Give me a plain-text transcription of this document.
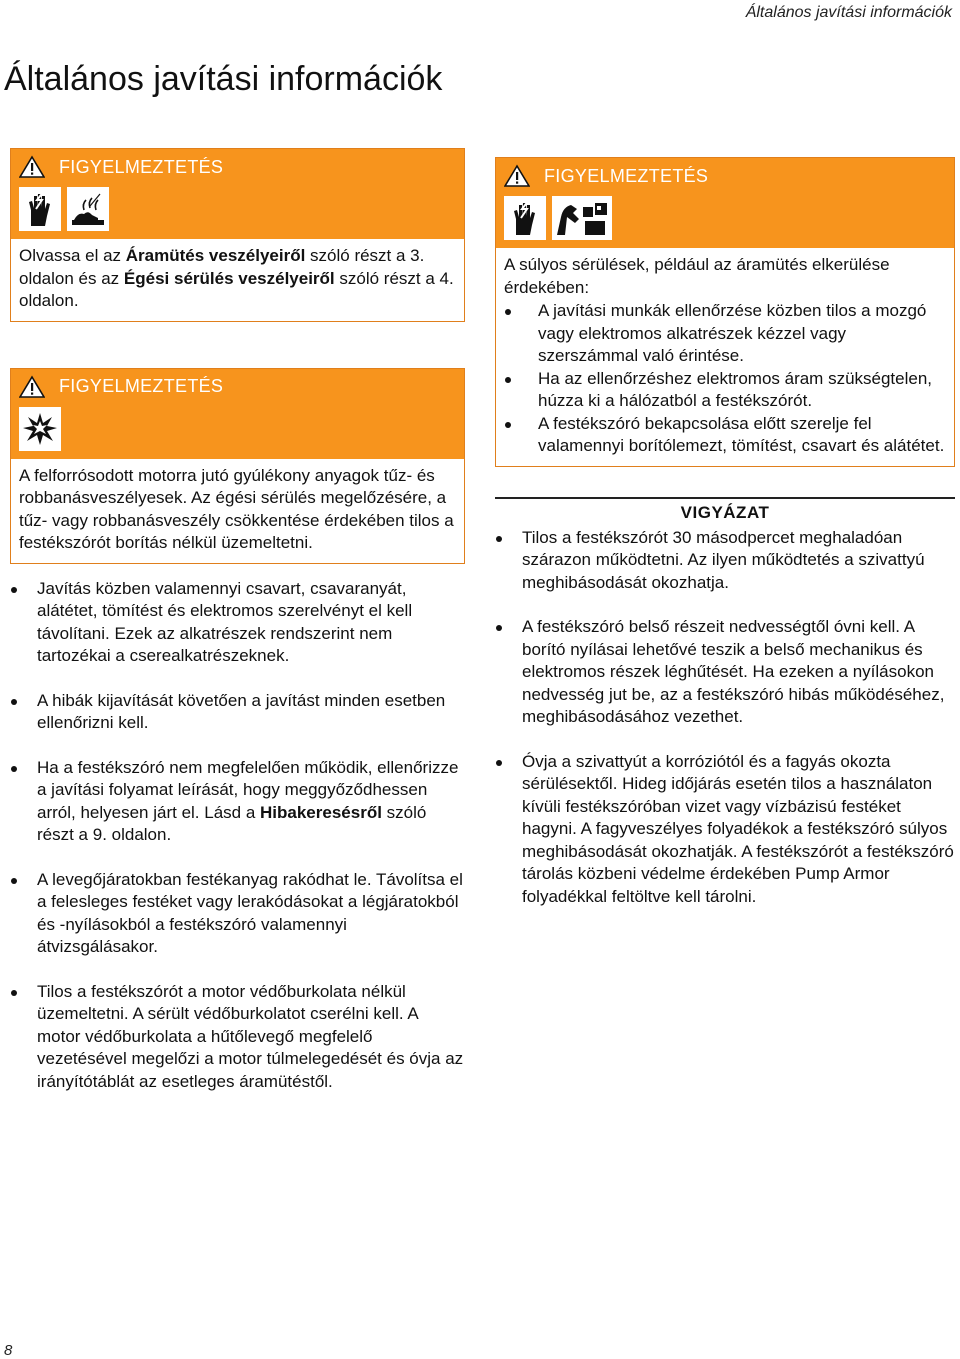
Általános javítási információk
Általános javítási információk
FIGYELMEZTETÉS
Olvassa el az Áramütés veszélyeiről szóló részt a 3. oldalon és az Égési sérülés veszélyeiről szóló részt a 4. oldalon.
FIGYELMEZTETÉS
A felforrósodott motorra jutó gyúlékony anyagok tűz- és robbanásveszélyesek. Az égési sérülés megelőzésére, a tűz- vagy robbanásveszély csökkentése érdekében tilos a festékszórót borítás nélkül üzemeltetni.
Javítás közben valamennyi csavart, csavaranyát, alátétet, tömítést és elektromos szerelvényt el kell távolítani. Ezek az alkatrészek rendszerint nem tartozékai a cserealkatrészeknek.
A hibák kijavítását követően a javítást minden esetben ellenőrizni kell.
Ha a festékszóró nem megfelelően működik, ellenőrizze a javítási folyamat leírását, hogy meggyőződhessen arról, helyesen járt el. Lásd a Hibakeresésről szóló részt a 9. oldalon.
A levegőjáratokban festékanyag rakódhat le. Távolítsa el a felesleges festéket vagy lerakódásokat a légjáratokból és -nyílásokból a festékszóró valamennyi átvizsgálásakor.
Tilos a festékszórót a motor védőburkolata nélkül üzemeltetni. A sérült védőburkolatot cserélni kell. A motor védőburkolata a hűtőlevegő megfelelő vezetésével megelőzi a motor túlmelegedését és óvja az irányítótáblát az esetleges áramütéstől.
FIGYELMEZTETÉS
A súlyos sérülések, például az áramütés elkerülése érdekében:
A javítási munkák ellenőrzése közben tilos a mozgó vagy elektromos alkatrészek kézzel vagy szerszámmal való érintése.
Ha az ellenőrzéshez elektromos áram szükségtelen, húzza ki a hálózatból a festékszórót.
A festékszóró bekapcsolása előtt szerelje fel valamennyi borítólemezt, tömítést, csavart és alátétet.
VIGYÁZAT
Tilos a festékszórót 30 másodpercet meghaladóan szárazon működtetni. Az ilyen működtetés a szivattyú meghibásodását okozhatja.
A festékszóró belső részeit nedvességtől óvni kell. A borító nyílásai lehetővé teszik a belső mechanikus és elektromos részek léghűtését. Ha ezeken a nyílásokon nedvesség jut be, az a festékszóró hibás működéséhez, meghibásodásához vezethet.
Óvja a szivattyút a korróziótól és a fagyás okozta sérülésektől. Hideg időjárás esetén tilos a használaton kívüli festékszóróban vizet vagy vízbázisú festéket hagyni. A fagyveszélyes folyadékok a festékszóró súlyos meghibásodását okozhatják. A festékszórót a festékszóró tárolás közbeni védelme érdekében Pump Armor folyadékkal feltöltve kell tárolni.
8
